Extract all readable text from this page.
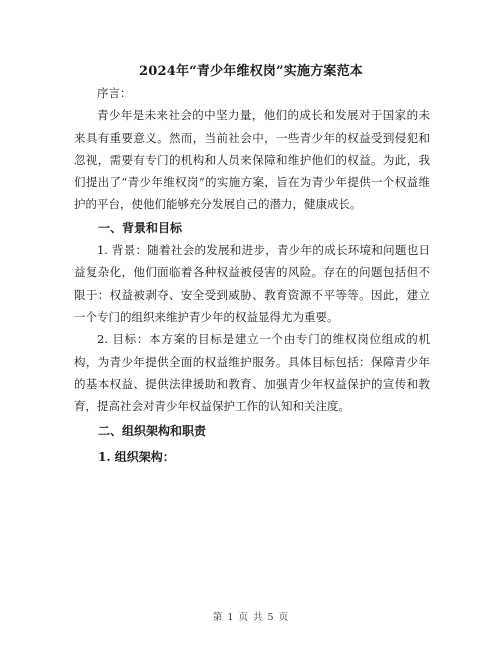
2024年“青少年维权岗”实施方案范本

序言：

青少年是未来社会的中坚力量，他们的成长和发展对于国家的未来具有重要意义。然而，当前社会中，一些青少年的权益受到侵犯和忽视，需要有专门的机构和人员来保障和维护他们的权益。为此，我们提出了“青少年维权岗”的实施方案，旨在为青少年提供一个权益维护的平台，使他们能够充分发展自己的潜力，健康成长。

一、背景和目标

1. 背景：随着社会的发展和进步，青少年的成长环境和问题也日益复杂化，他们面临着各种权益被侵害的风险。存在的问题包括但不限于：权益被剥夺、安全受到威胁、教育资源不平等等。因此，建立一个专门的组织来维护青少年的权益显得尤为重要。

2. 目标：本方案的目标是建立一个由专门的维权岗位组成的机构，为青少年提供全面的权益维护服务。具体目标包括：保障青少年的基本权益、提供法律援助和教育、加强青少年权益保护的宣传和教育，提高社会对青少年权益保护工作的认知和关注度。

二、组织架构和职责

1. 组织架构：

第 1 页 共 5 页
